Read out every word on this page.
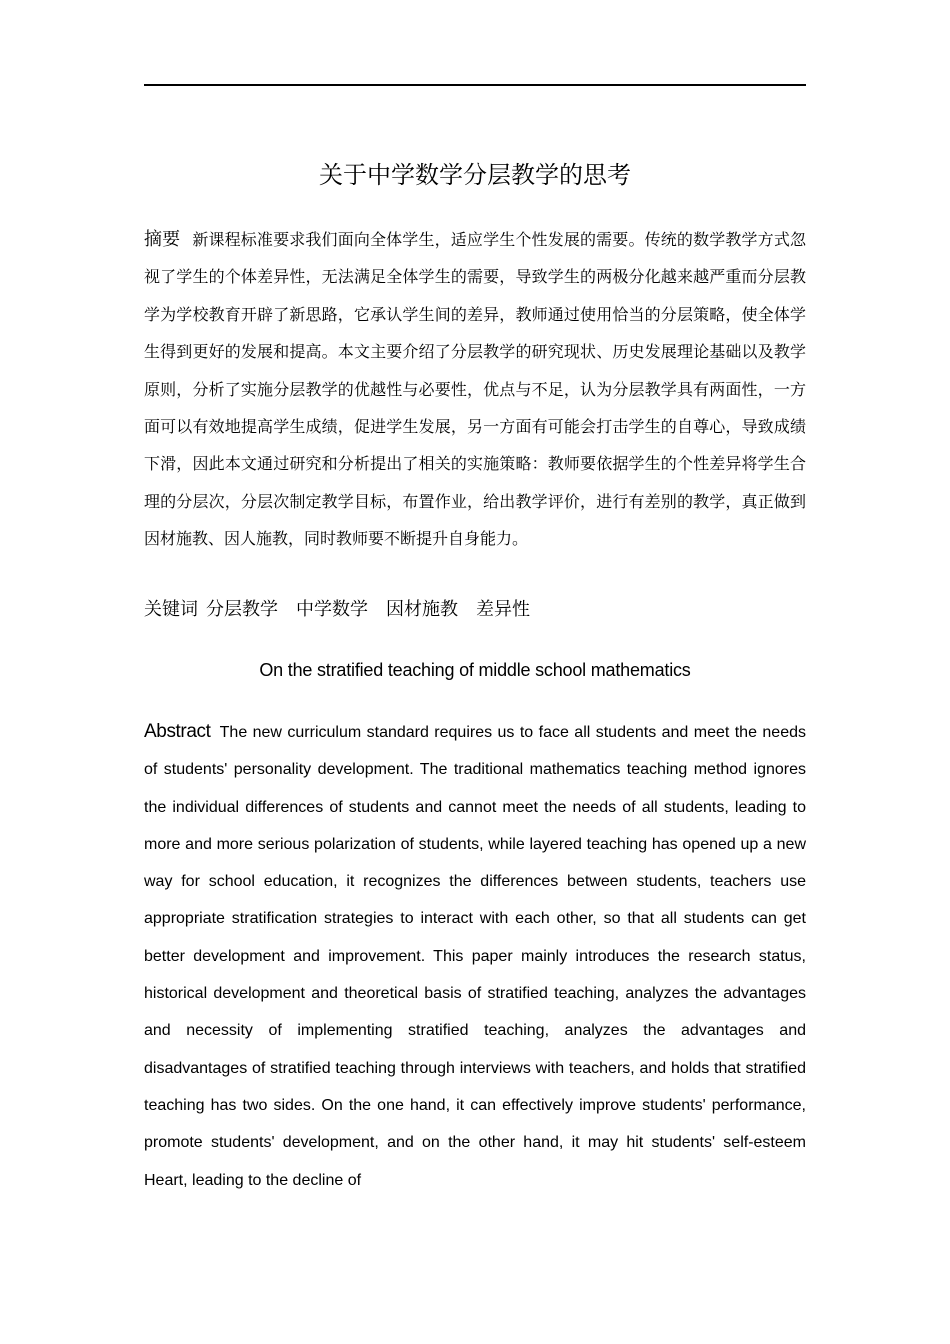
关于中学数学分层教学的思考

摘要 新课程标准要求我们面向全体学生，适应学生个性发展的需要。传统的数学教学方式忽视了学生的个体差异性，无法满足全体学生的需要，导致学生的两极分化越来越严重而分层教学为学校教育开辟了新思路，它承认学生间的差异，教师通过使用恰当的分层策略，使全体学生得到更好的发展和提高。本文主要介绍了分层教学的研究现状、历史发展理论基础以及教学原则，分析了实施分层教学的优越性与必要性，优点与不足，认为分层教学具有两面性，一方面可以有效地提高学生成绩，促进学生发展，另一方面有可能会打击学生的自尊心，导致成绩下滑，因此本文通过研究和分析提出了相关的实施策略：教师要依据学生的个性差异将学生合理的分层次，分层次制定教学目标，布置作业，给出教学评价，进行有差别的教学，真正做到因材施教、因人施教，同时教师要不断提升自身能力。

关键词 分层教学 中学数学 因材施教 差异性

On the stratified teaching of middle school mathematics

Abstract The new curriculum standard requires us to face all students and meet the needs of students' personality development. The traditional mathematics teaching method ignores the individual differences of students and cannot meet the needs of all students, leading to more and more serious polarization of students, while layered teaching has opened up a new way for school education, it recognizes the differences between students, teachers use appropriate stratification strategies to interact with each other, so that all students can get better development and improvement. This paper mainly introduces the research status, historical development and theoretical basis of stratified teaching, analyzes the advantages and necessity of implementing stratified teaching, analyzes the advantages and disadvantages of stratified teaching through interviews with teachers, and holds that stratified teaching has two sides. On the one hand, it can effectively improve students' performance, promote students' development, and on the other hand, it may hit students' self-esteem Heart, leading to the decline of
